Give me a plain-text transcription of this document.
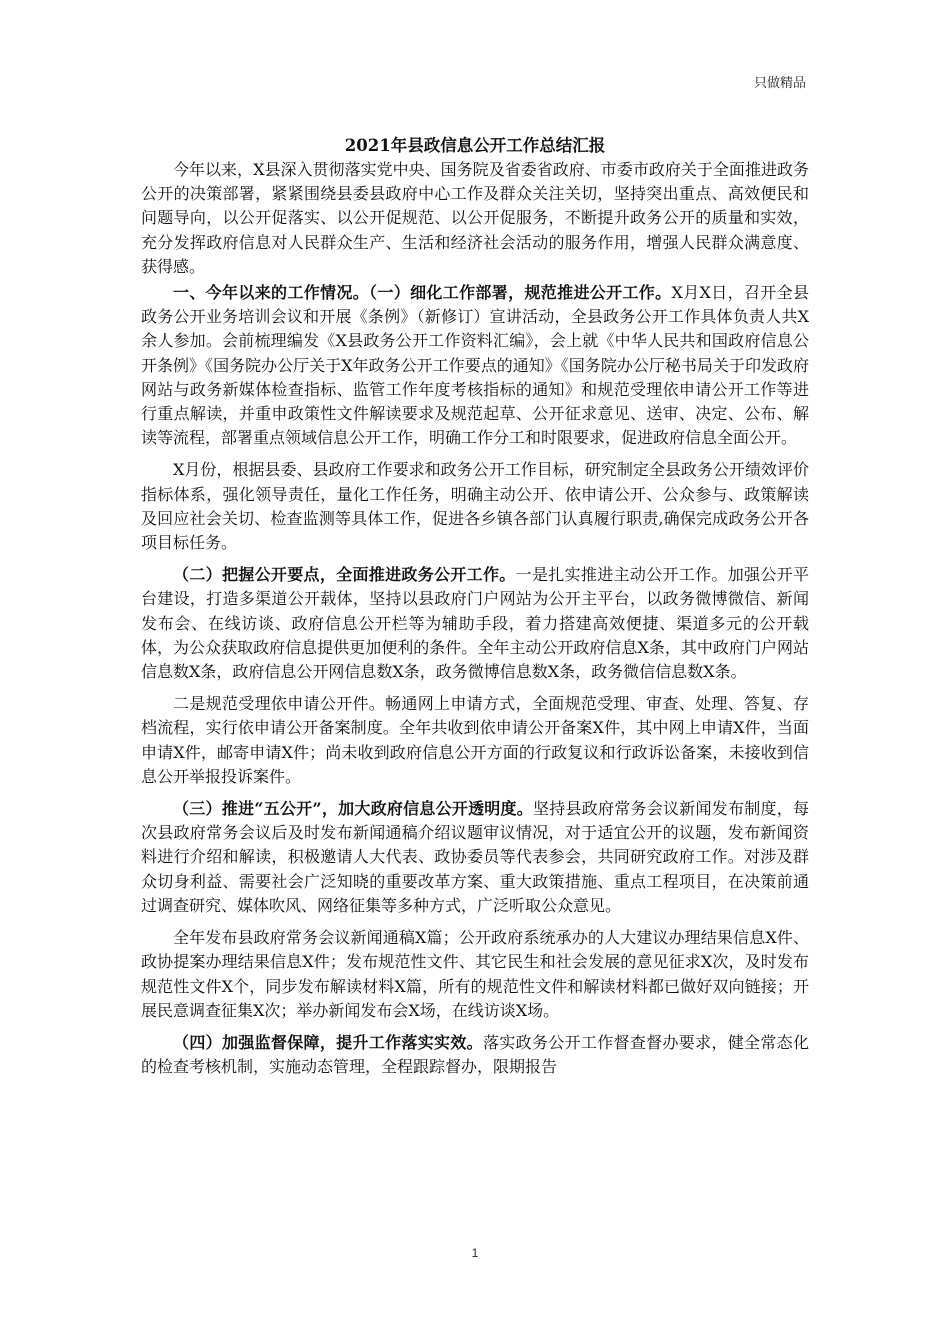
只做精品
2021年县政信息公开工作总结汇报

今年以来，X县深入贯彻落实党中央、国务院及省委省政府、市委市政府关于全面推进政务公开的决策部署，紧紧围绕县委县政府中心工作及群众关注关切，坚持突出重点、高效便民和问题导向，以公开促落实、以公开促规范、以公开促服务，不断提升政务公开的质量和实效，充分发挥政府信息对人民群众生产、生活和经济社会活动的服务作用，增强人民群众满意度、获得感。

一、今年以来的工作情况。（一）细化工作部署，规范推进公开工作。X月X日，召开全县政务公开业务培训会议和开展《条例》（新修订）宣讲活动，全县政务公开工作具体负责人共X余人参加。会前梳理编发《X县政务公开工作资料汇编》，会上就《中华人民共和国政府信息公开条例》《国务院办公厅关于X年政务公开工作要点的通知》《国务院办公厅秘书局关于印发政府网站与政务新媒体检查指标、监管工作年度考核指标的通知》和规范受理依申请公开工作等进行重点解读，并重申政策性文件解读要求及规范起草、公开征求意见、送审、决定、公布、解读等流程，部署重点领域信息公开工作，明确工作分工和时限要求，促进政府信息全面公开。

X月份，根据县委、县政府工作要求和政务公开工作目标，研究制定全县政务公开绩效评价指标体系，强化领导责任，量化工作任务，明确主动公开、依申请公开、公众参与、政策解读及回应社会关切、检查监测等具体工作，促进各乡镇各部门认真履行职责,确保完成政务公开各项目标任务。

（二）把握公开要点，全面推进政务公开工作。一是扎实推进主动公开工作。加强公开平台建设，打造多渠道公开载体，坚持以县政府门户网站为公开主平台，以政务微博微信、新闻发布会、在线访谈、政府信息公开栏等为辅助手段，着力搭建高效便捷、渠道多元的公开载体，为公众获取政府信息提供更加便利的条件。全年主动公开政府信息X条，其中政府门户网站信息数X条，政府信息公开网信息数X条，政务微博信息数X条，政务微信信息数X条。

二是规范受理依申请公开件。畅通网上申请方式，全面规范受理、审查、处理、答复、存档流程，实行依申请公开备案制度。全年共收到依申请公开备案X件，其中网上申请X件，当面申请X件，邮寄申请X件；尚未收到政府信息公开方面的行政复议和行政诉讼备案，未接收到信息公开举报投诉案件。

（三）推进“五公开”，加大政府信息公开透明度。坚持县政府常务会议新闻发布制度，每次县政府常务会议后及时发布新闻通稿介绍议题审议情况，对于适宜公开的议题，发布新闻资料进行介绍和解读，积极邀请人大代表、政协委员等代表参会，共同研究政府工作。对涉及群众切身利益、需要社会广泛知晓的重要改革方案、重大政策措施、重点工程项目，在决策前通过调查研究、媒体吹风、网络征集等多种方式，广泛听取公众意见。

全年发布县政府常务会议新闻通稿X篇；公开政府系统承办的人大建议办理结果信息X件、政协提案办理结果信息X件；发布规范性文件、其它民生和社会发展的意见征求X次，及时发布规范性文件X个，同步发布解读材料X篇，所有的规范性文件和解读材料都已做好双向链接；开展民意调查征集X次；举办新闻发布会X场，在线访谈X场。

（四）加强监督保障，提升工作落实实效。落实政务公开工作督查督办要求，健全常态化的检查考核机制，实施动态管理，全程跟踪督办，限期报告

1
